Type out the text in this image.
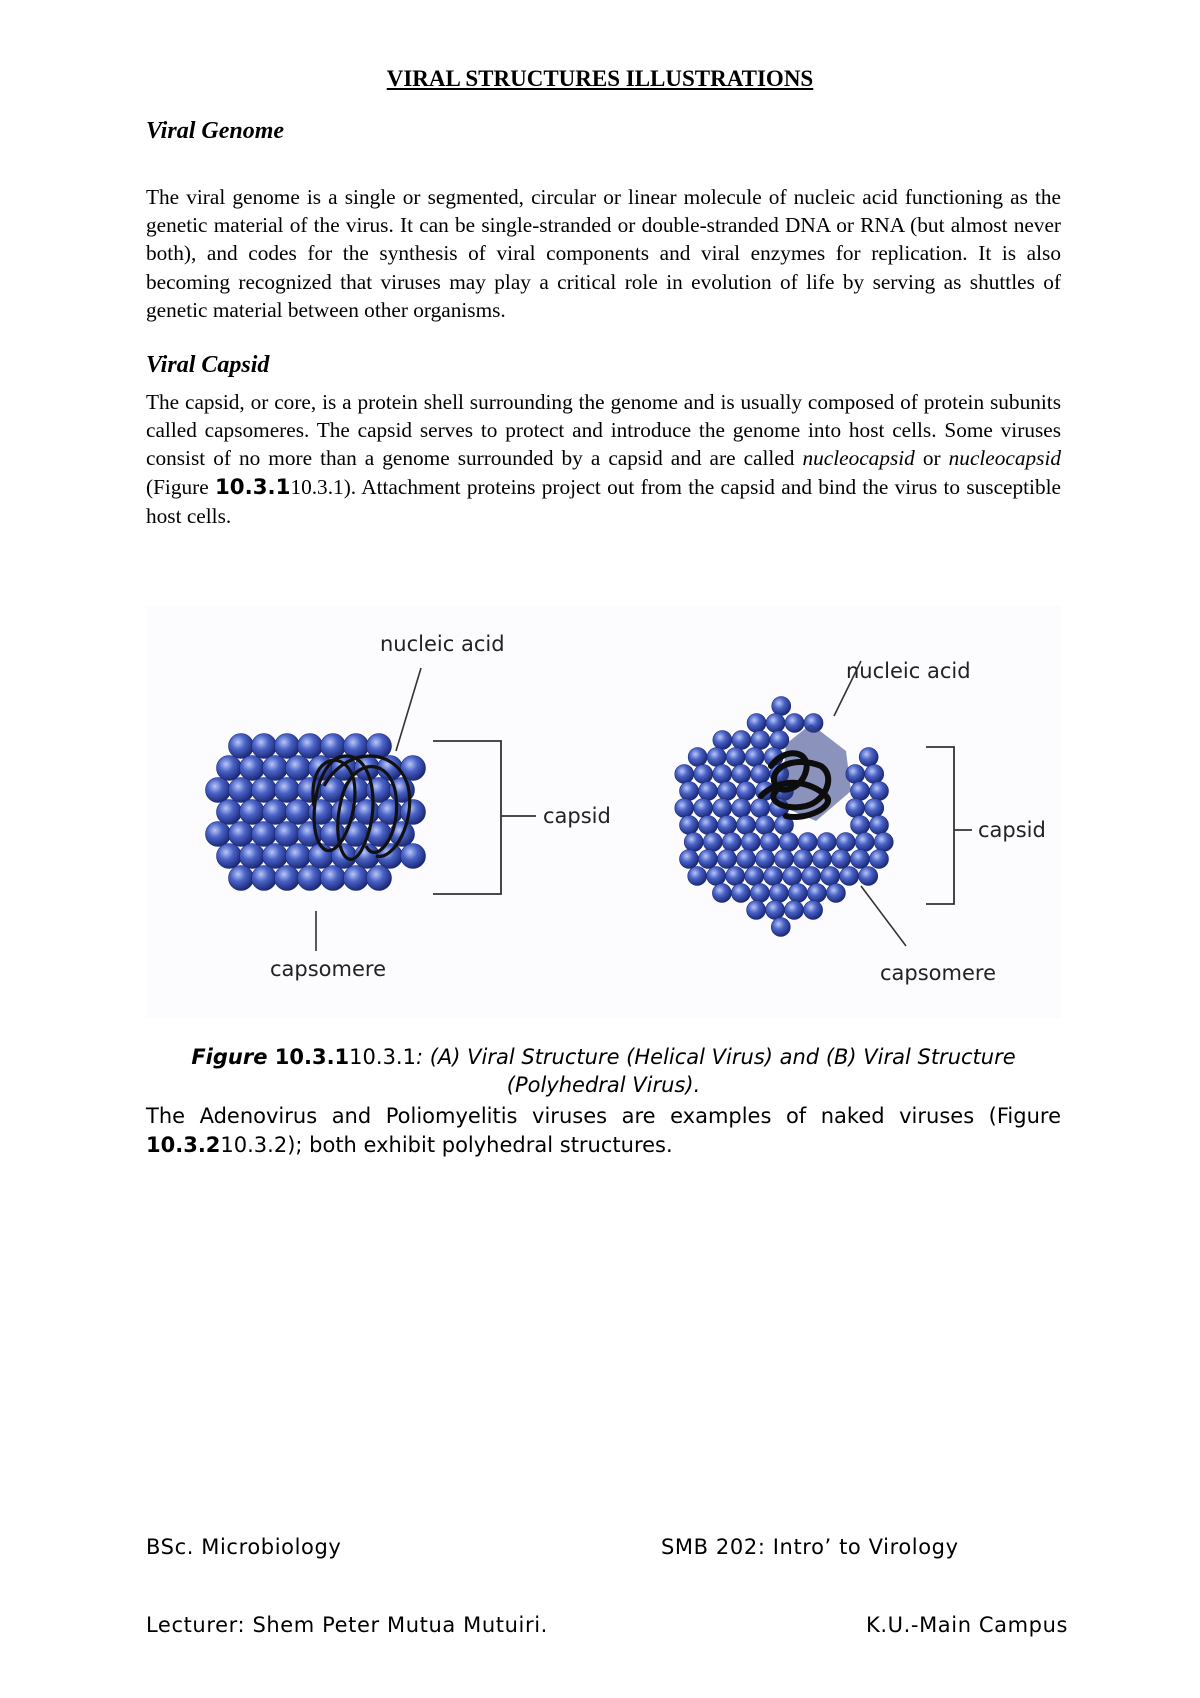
VIRAL STRUCTURES ILLUSTRATIONS
Viral Genome
The viral genome is a single or segmented, circular or linear molecule of nucleic acid functioning as the genetic material of the virus. It can be single-stranded or double-stranded DNA or RNA (but almost never both), and codes for the synthesis of viral components and viral enzymes for replication. It is also becoming recognized that viruses may play a critical role in evolution of life by serving as shuttles of genetic material between other organisms.
Viral Capsid
The capsid, or core, is a protein shell surrounding the genome and is usually composed of protein subunits called capsomeres. The capsid serves to protect and introduce the genome into host cells. Some viruses consist of no more than a genome surrounded by a capsid and are called nucleocapsid or nucleocapsid (Figure 10.3.110.3.1). Attachment proteins project out from the capsid and bind the virus to susceptible host cells.
nucleic acid
capsid
capsomere
nucleic acid
capsid
capsomere
Figure 10.3.110.3.1: (A) Viral Structure (Helical Virus) and (B) Viral Structure (Polyhedral Virus).
The Adenovirus and Poliomyelitis viruses are examples of naked viruses (Figure 10.3.210.3.2); both exhibit polyhedral structures.
BSc. Microbiology	SMB 202: Intro’ to Virology
Lecturer: Shem Peter Mutua Mutuiri.	K.U.-Main Campus
